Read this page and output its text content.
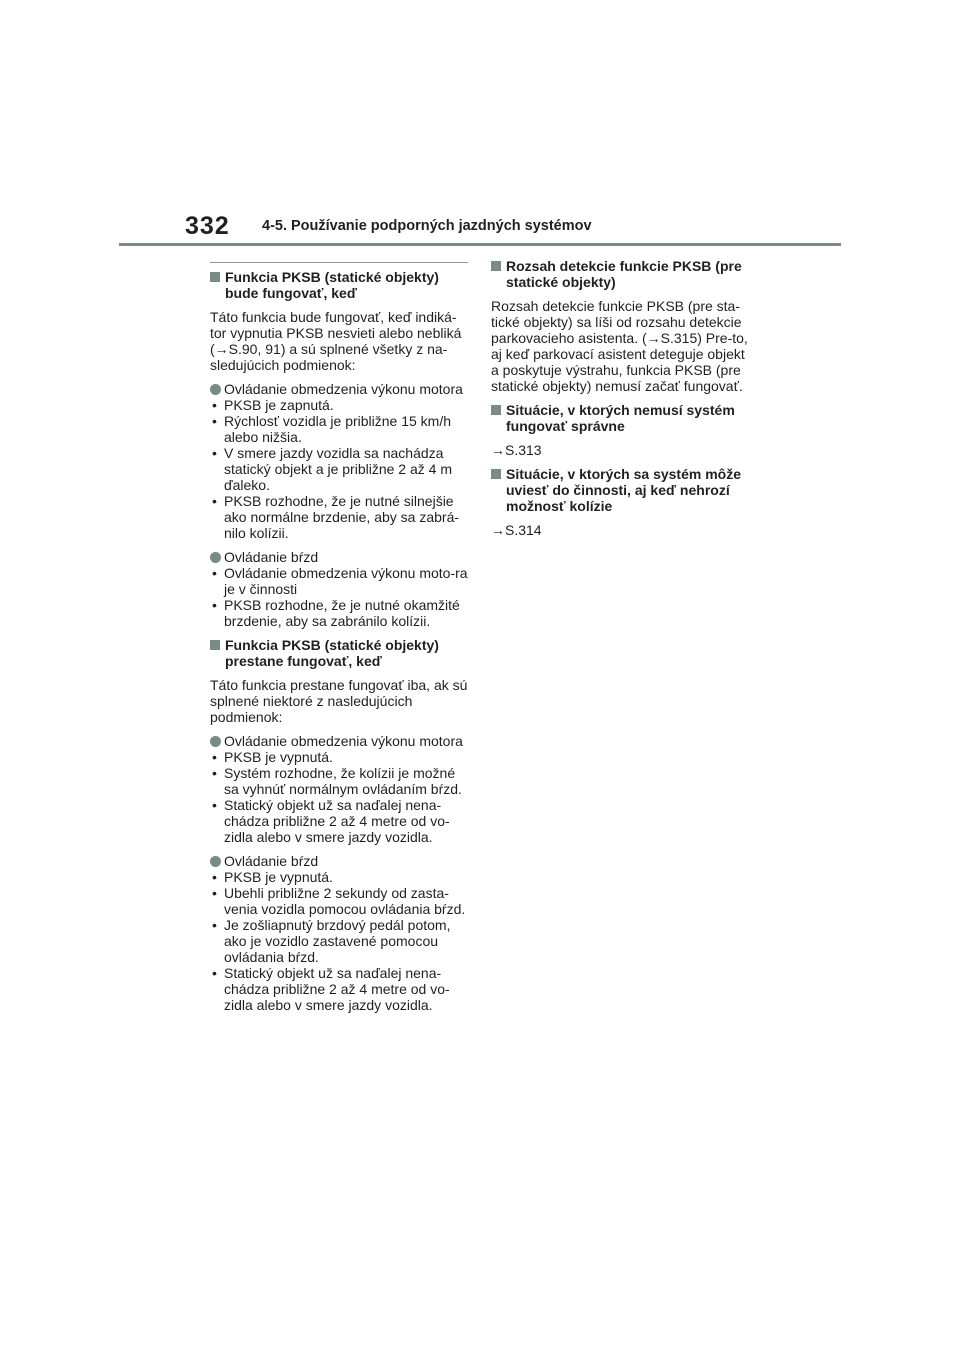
332 4-5. Používanie podporných jazdných systémov
Funkcia PKSB (statické objekty) bude fungovať, keď

Táto funkcia bude fungovať, keď indiká-tor vypnutia PKSB nesvieti alebo nebliká (→S.90, 91) a sú splnené všetky z na-sledujúcich podmienok:

Ovládanie obmedzenia výkonu motora
• PKSB je zapnutá.
• Rýchlosť vozidla je približne 15 km/h alebo nižšia.
• V smere jazdy vozidla sa nachádza statický objekt a je približne 2 až 4 m ďaleko.
• PKSB rozhodne, že je nutné silnejšie ako normálne brzdenie, aby sa zabrá-nilo kolízii.
Ovládanie bŕzd
• Ovládanie obmedzenia výkonu moto-ra je v činnosti
• PKSB rozhodne, že je nutné okamžité brzdenie, aby sa zabránilo kolízii.
Funkcia PKSB (statické objekty) prestane fungovať, keď

Táto funkcia prestane fungovať iba, ak sú splnené niektoré z nasledujúcich podmienok:

Ovládanie obmedzenia výkonu motora
• PKSB je vypnutá.
• Systém rozhodne, že kolízii je možné sa vyhnúť normálnym ovládaním bŕzd.
• Statický objekt už sa naďalej nena-chádza približne 2 až 4 metre od vo-zidla alebo v smere jazdy vozidla.
Ovládanie bŕzd
• PKSB je vypnutá.
• Ubehli približne 2 sekundy od zasta-venia vozidla pomocou ovládania bŕzd.
• Je zošliapnutý brzdový pedál potom, ako je vozidlo zastavené pomocou ovládania bŕzd.
• Statický objekt už sa naďalej nena-chádza približne 2 až 4 metre od vo-zidla alebo v smere jazdy vozidla.
Rozsah detekcie funkcie PKSB (pre statické objekty)

Rozsah detekcie funkcie PKSB (pre sta-tické objekty) sa líši od rozsahu detekcie parkovacieho asistenta. (→S.315) Pre-to, aj keď parkovací asistent deteguje objekt a poskytuje výstrahu, funkcia PKSB (pre statické objekty) nemusí začať fungovať.

Situácie, v ktorých nemusí systém fungovať správne

→S.313

Situácie, v ktorých sa systém môže uviesť do činnosti, aj keď nehrozí možnosť kolízie

→S.314
